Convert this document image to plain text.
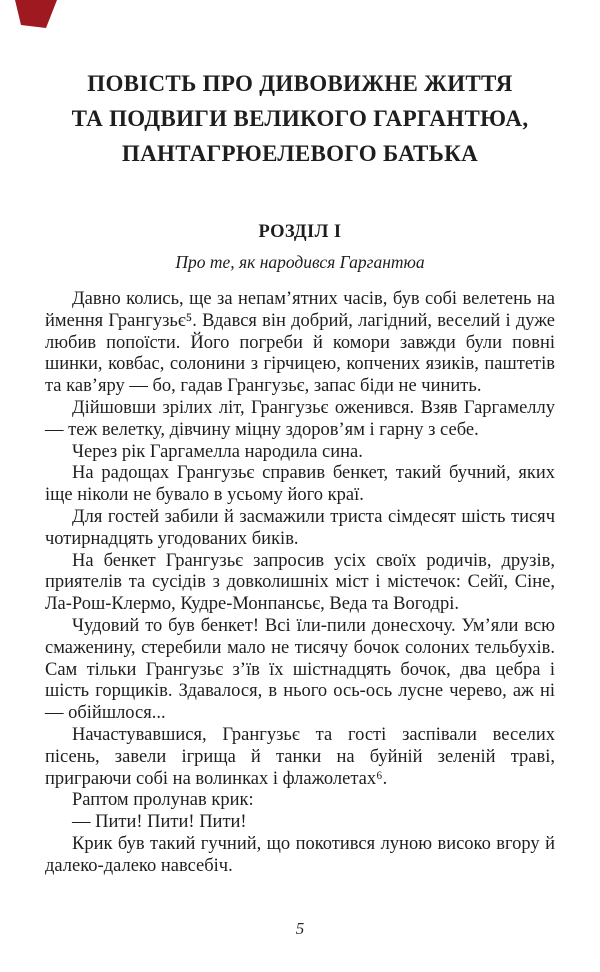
ПОВІСТЬ ПРО ДИВОВИЖНЕ ЖИТТЯ
ТА ПОДВИГИ ВЕЛИКОГО ГАРГАНТЮА,
ПАНТАГРЮЕЛЕВОГО БАТЬКА
РОЗДІЛ I
Про те, як народився Гаргантюа

Давно колись, ще за непам’ятних часів, був собі велетень на ймення Грангузьє⁵. Вдався він добрий, лагідний, веселий і дуже любив попоїсти. Його погреби й комори завжди були повні шинки, ковбас, солонини з гірчицею, копчених язиків, паштетів та кав’яру — бо, гадав Грангузьє, запас біди не чинить.

Дійшовши зрілих літ, Грангузьє оженився. Взяв Гаргамеллу — теж велетку, дівчину міцну здоров’ям і гарну з себе.

Через рік Гаргамелла народила сина.

На радощах Грангузьє справив бенкет, такий бучний, яких іще ніколи не бувало в усьому його краї.

Для гостей забили й засмажили триста сімдесят шість тисяч чотирнадцять угодованих биків.

На бенкет Грангузьє запросив усіх своїх родичів, друзів, приятелів та сусідів з довколишніх міст і містечок: Сейї, Сіне, Ла-Рош-Клермо, Кудре-Монпансьє, Веда та Вогодрі.

Чудовий то був бенкет! Всі їли-пили донесхочу. Ум’яли всю смаженину, стеребили мало не тисячу бочок солоних тельбухів. Сам тільки Грангузьє з’їв їх шістнадцять бочок, два цебра і шість горщиків. Здавалося, в нього ось-ось лусне черево, аж ні — обійшлося...

Начастувавшися, Грангузьє та гості заспівали веселих пісень, завели ігрища й танки на буйній зеленій траві, приграючи собі на волинках і флажолетах⁶.

Раптом пролунав крик:

— Пити! Пити! Пити!

Крик був такий гучний, що покотився луною високо вгору й далеко-далеко навсебіч.

5
